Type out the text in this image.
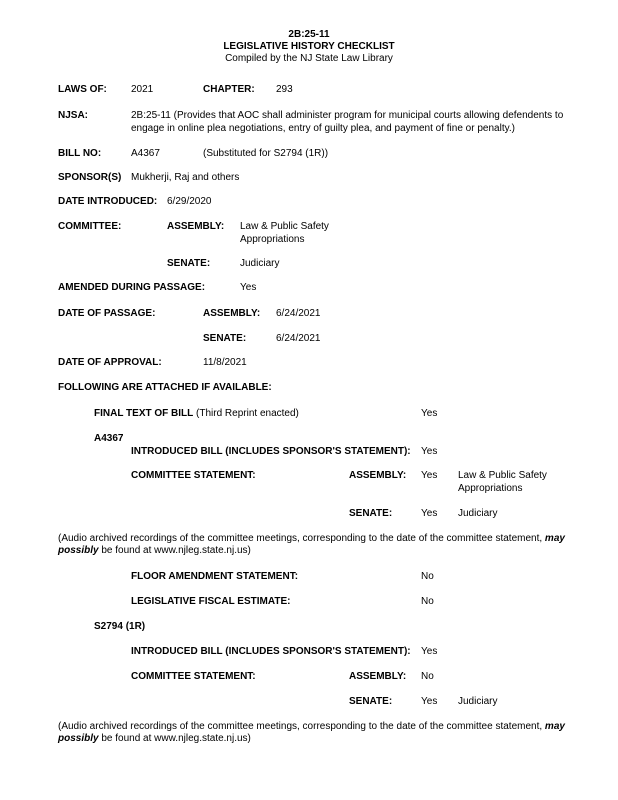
2B:25-11
LEGISLATIVE HISTORY CHECKLIST
Compiled by the NJ State Law Library
LAWS OF: 2021	CHAPTER: 293
NJSA:	2B:25-11 (Provides that AOC shall administer program for municipal courts allowing defendents to
engage in online plea negotiations, entry of guilty plea, and payment of fine or penalty.)
BILL NO:	A4367	(Substituted for S2794 (1R))
SPONSOR(S) Mukherji, Raj and others
DATE INTRODUCED: 6/29/2020
COMMITTEE:	ASSEMBLY: Law & Public Safety
Appropriations
SENATE:	Judiciary
AMENDED DURING PASSAGE:	Yes
DATE OF PASSAGE:	ASSEMBLY: 6/24/2021
SENATE:	6/24/2021
DATE OF APPROVAL:	11/8/2021
FOLLOWING ARE ATTACHED IF AVAILABLE:
FINAL TEXT OF BILL (Third Reprint enacted)	Yes
A4367
INTRODUCED BILL (INCLUDES SPONSOR'S STATEMENT): Yes
COMMITTEE STATEMENT:	ASSEMBLY: Yes Law & Public Safety
Appropriations
SENATE:	Yes Judiciary
(Audio archived recordings of the committee meetings, corresponding to the date of the committee statement, may
possibly be found at www.njleg.state.nj.us)
FLOOR AMENDMENT STATEMENT:	No
LEGISLATIVE FISCAL ESTIMATE:	No
S2794 (1R)
INTRODUCED BILL (INCLUDES SPONSOR'S STATEMENT): Yes
COMMITTEE STATEMENT:	ASSEMBLY: No
SENATE:	Yes Judiciary
(Audio archived recordings of the committee meetings, corresponding to the date of the committee statement, may
possibly be found at www.njleg.state.nj.us)
